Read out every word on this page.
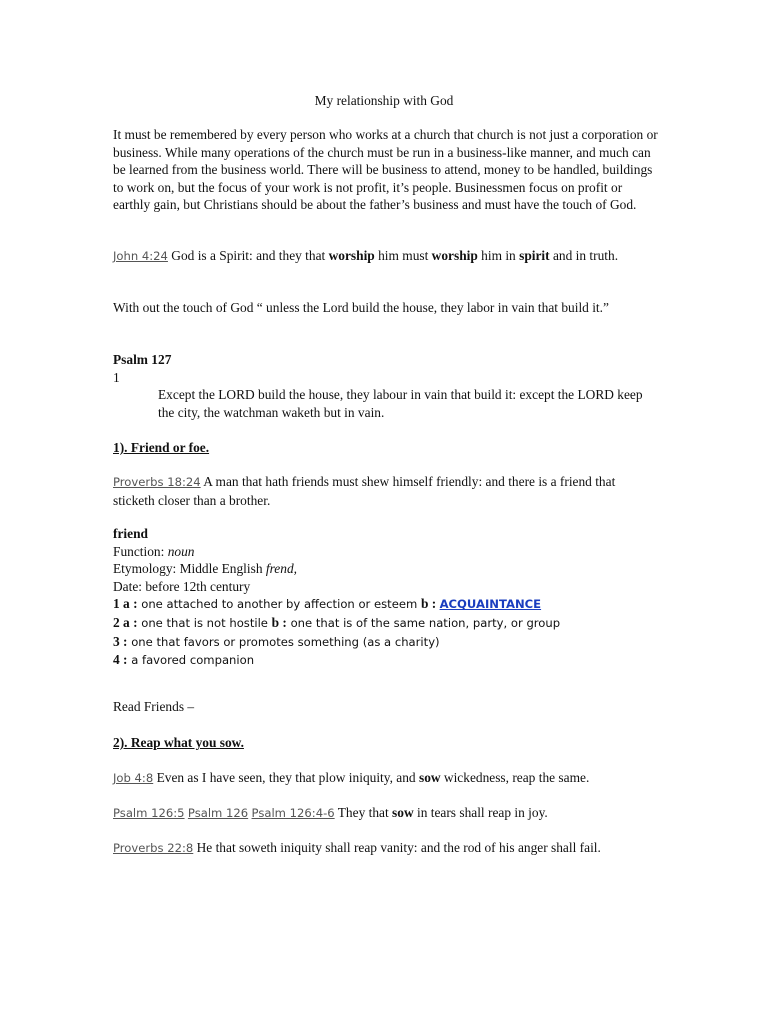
My relationship with God

It must be remembered by every person who works at a church that church is not just a corporation or business. While many operations of the church must be run in a business-like manner, and much can be learned from the business world. There will be business to attend, money to be handled, buildings to work on, but the focus of your work is not profit, it’s people. Businessmen focus on profit or earthly gain, but Christians should be about the father’s business and must have the touch of God.

John 4:24 God is a Spirit: and they that worship him must worship him in spirit and in truth.

With out the touch of God “ unless the Lord build the house, they labor in vain that build it.”

Psalm 127

1

Except the LORD build the house, they labour in vain that build it: except the LORD keep the city, the watchman waketh but in vain.

1). Friend or foe.

Proverbs 18:24 A man that hath friends must shew himself friendly: and there is a friend that sticketh closer than a brother.

friend
Function: noun
Etymology: Middle English frend,
Date: before 12th century
1 a : one attached to another by affection or esteem b : ACQUAINTANCE
2 a : one that is not hostile b : one that is of the same nation, party, or group
3 : one that favors or promotes something (as a charity)
4 : a favored companion

Read Friends –

2). Reap what you sow.

Job 4:8 Even as I have seen, they that plow iniquity, and sow wickedness, reap the same.

Psalm 126:5 Psalm 126 Psalm 126:4-6 They that sow in tears shall reap in joy.

Proverbs 22:8 He that soweth iniquity shall reap vanity: and the rod of his anger shall fail.
